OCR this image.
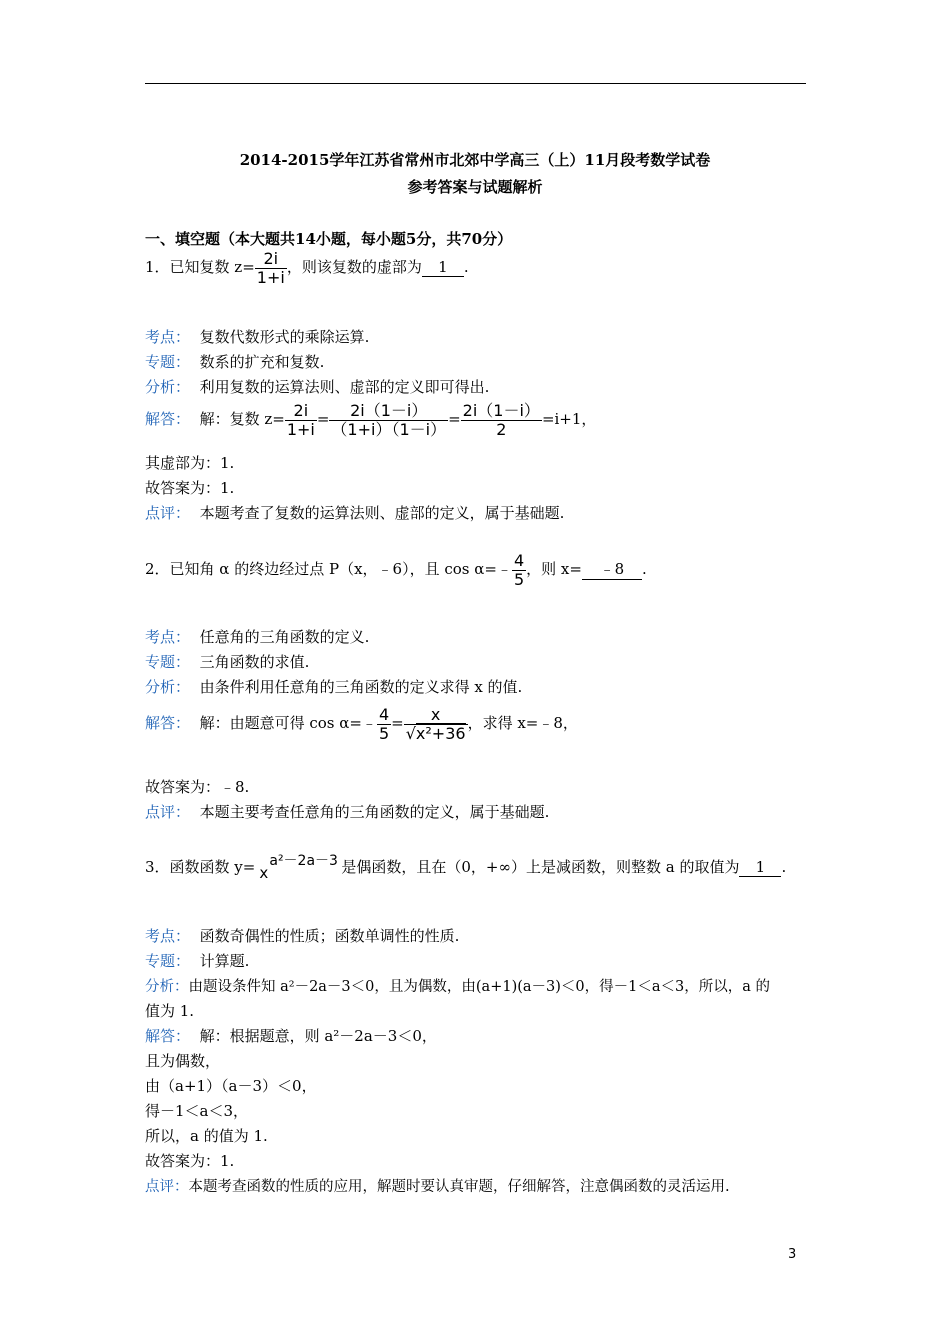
2014-2015学年江苏省常州市北郊中学高三（上）11月段考数学试卷
参考答案与试题解析
一、填空题（本大题共14小题，每小题5分，共70分）
1．已知复数 $z= \frac{2i}{1+i}$ ，则该复数的虚部为 1 .
考点： 复数代数形式的乘除运算.
专题： 数系的扩充和复数.
分析： 利用复数的运算法则、虚部的定义即可得出.
解答： 解：复数 $z= \frac{2i}{1+i} = \frac{2i(1-i)}{(1+i)(1-i)} = \frac{2i(1-i)}{2} =i+1$，
其虚部为：1.
故答案为：1.
点评： 本题考查了复数的运算法则、虚部的定义，属于基础题.
2．已知角 α 的终边经过点 P（x，﹣6），且 cos α=﹣ $\frac{4}{5}$ ，则 x= ﹣8 .
考点： 任意角的三角函数的定义.
专题： 三角函数的求值.
分析： 由条件利用任意角的三角函数的定义求得 x 的值.
解答： 解：由题意可得 cos α=﹣ $\frac{4}{5} = \frac{x}{\text{√x²+36}}$ ，求得 x=﹣8，
故答案为：﹣8.
点评： 本题主要考查任意角的三角函数的定义，属于基础题.
3．函数函数 y= x
a²－2a－3 是偶函数，且在（0，+∞）上是减函数，则整数 a 的取值为 1 .
考点： 函数奇偶性的性质；函数单调性的性质.
专题： 计算题.
分析：由题设条件知 a²－2a－3＜0，且为偶数，由(a+1)(a－3)＜0，得－1＜a＜3，所以，a 的
值为 1.
解答： 解：根据题意，则 a²－2a－3＜0，
且为偶数，
由（a+1）（a－3）＜0，
得－1＜a＜3，
所以，a 的值为 1.
故答案为：1.
点评：本题考查函数的性质的应用，解题时要认真审题，仔细解答，注意偶函数的灵活运用.
3
